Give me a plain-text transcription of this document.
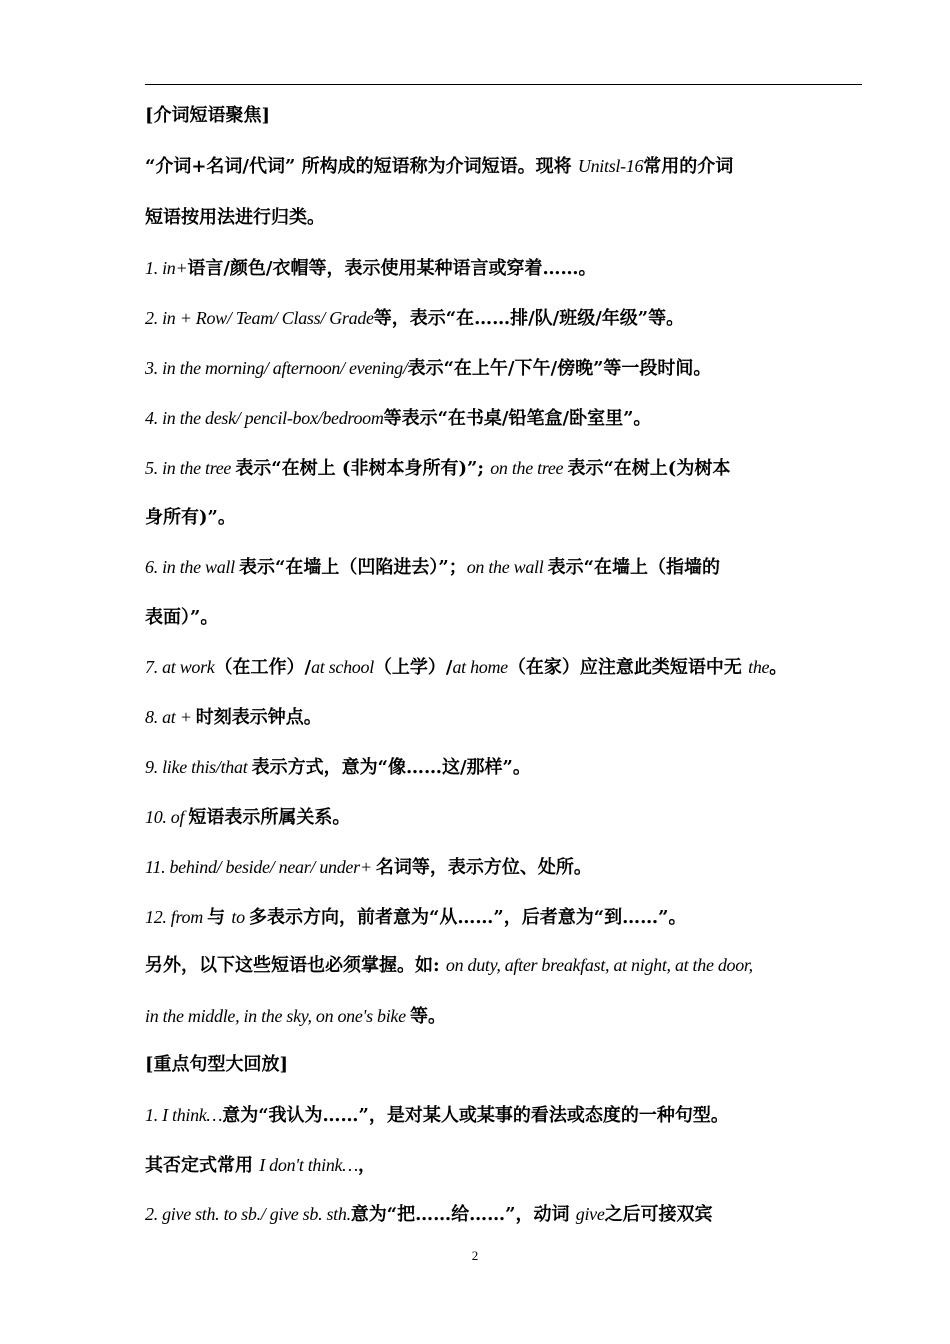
[介词短语聚焦]
“介词+名词/代词” 所构成的短语称为介词短语。现将 Unitsl-16常用的介词
短语按用法进行归类。
1. in+语言/颜色/衣帽等，表示使用某种语言或穿着……。
2. in + Row/ Team/ Class/ Grade等，表示“在……排/队/班级/年级”等。
3. in the morning/ afternoon/ evening/表示“在上午/下午/傍晚”等一段时间。
4. in the desk/ pencil-box/bedroom等表示“在书桌/铅笔盒/卧室里”。
5. in the tree 表示“在树上 (非树本身所有)”; on the tree 表示“在树上(为树本
身所有)”。
6. in the wall 表示“在墙上（凹陷进去）”；on the wall 表示“在墙上（指墙的
表面）”。
7. at work（在工作）/at school（上学）/at home（在家）应注意此类短语中无 the。
8. at + 时刻表示钟点。
9. like this/that 表示方式，意为“像……这/那样”。
10. of 短语表示所属关系。
11. behind/ beside/ near/ under+ 名词等，表示方位、处所。
12. from 与 to 多表示方向，前者意为“从……”，后者意为“到……”。
另外，以下这些短语也必须掌握。如: on duty, after breakfast, at night, at the door,
in the middle, in the sky, on one's bike 等。
[重点句型大回放]
1. I think…意为“我认为……”，是对某人或某事的看法或态度的一种句型。
其否定式常用 I don't think…，
2. give sth. to sb./ give sb. sth.意为“把……给……”，动词 give之后可接双宾
2
